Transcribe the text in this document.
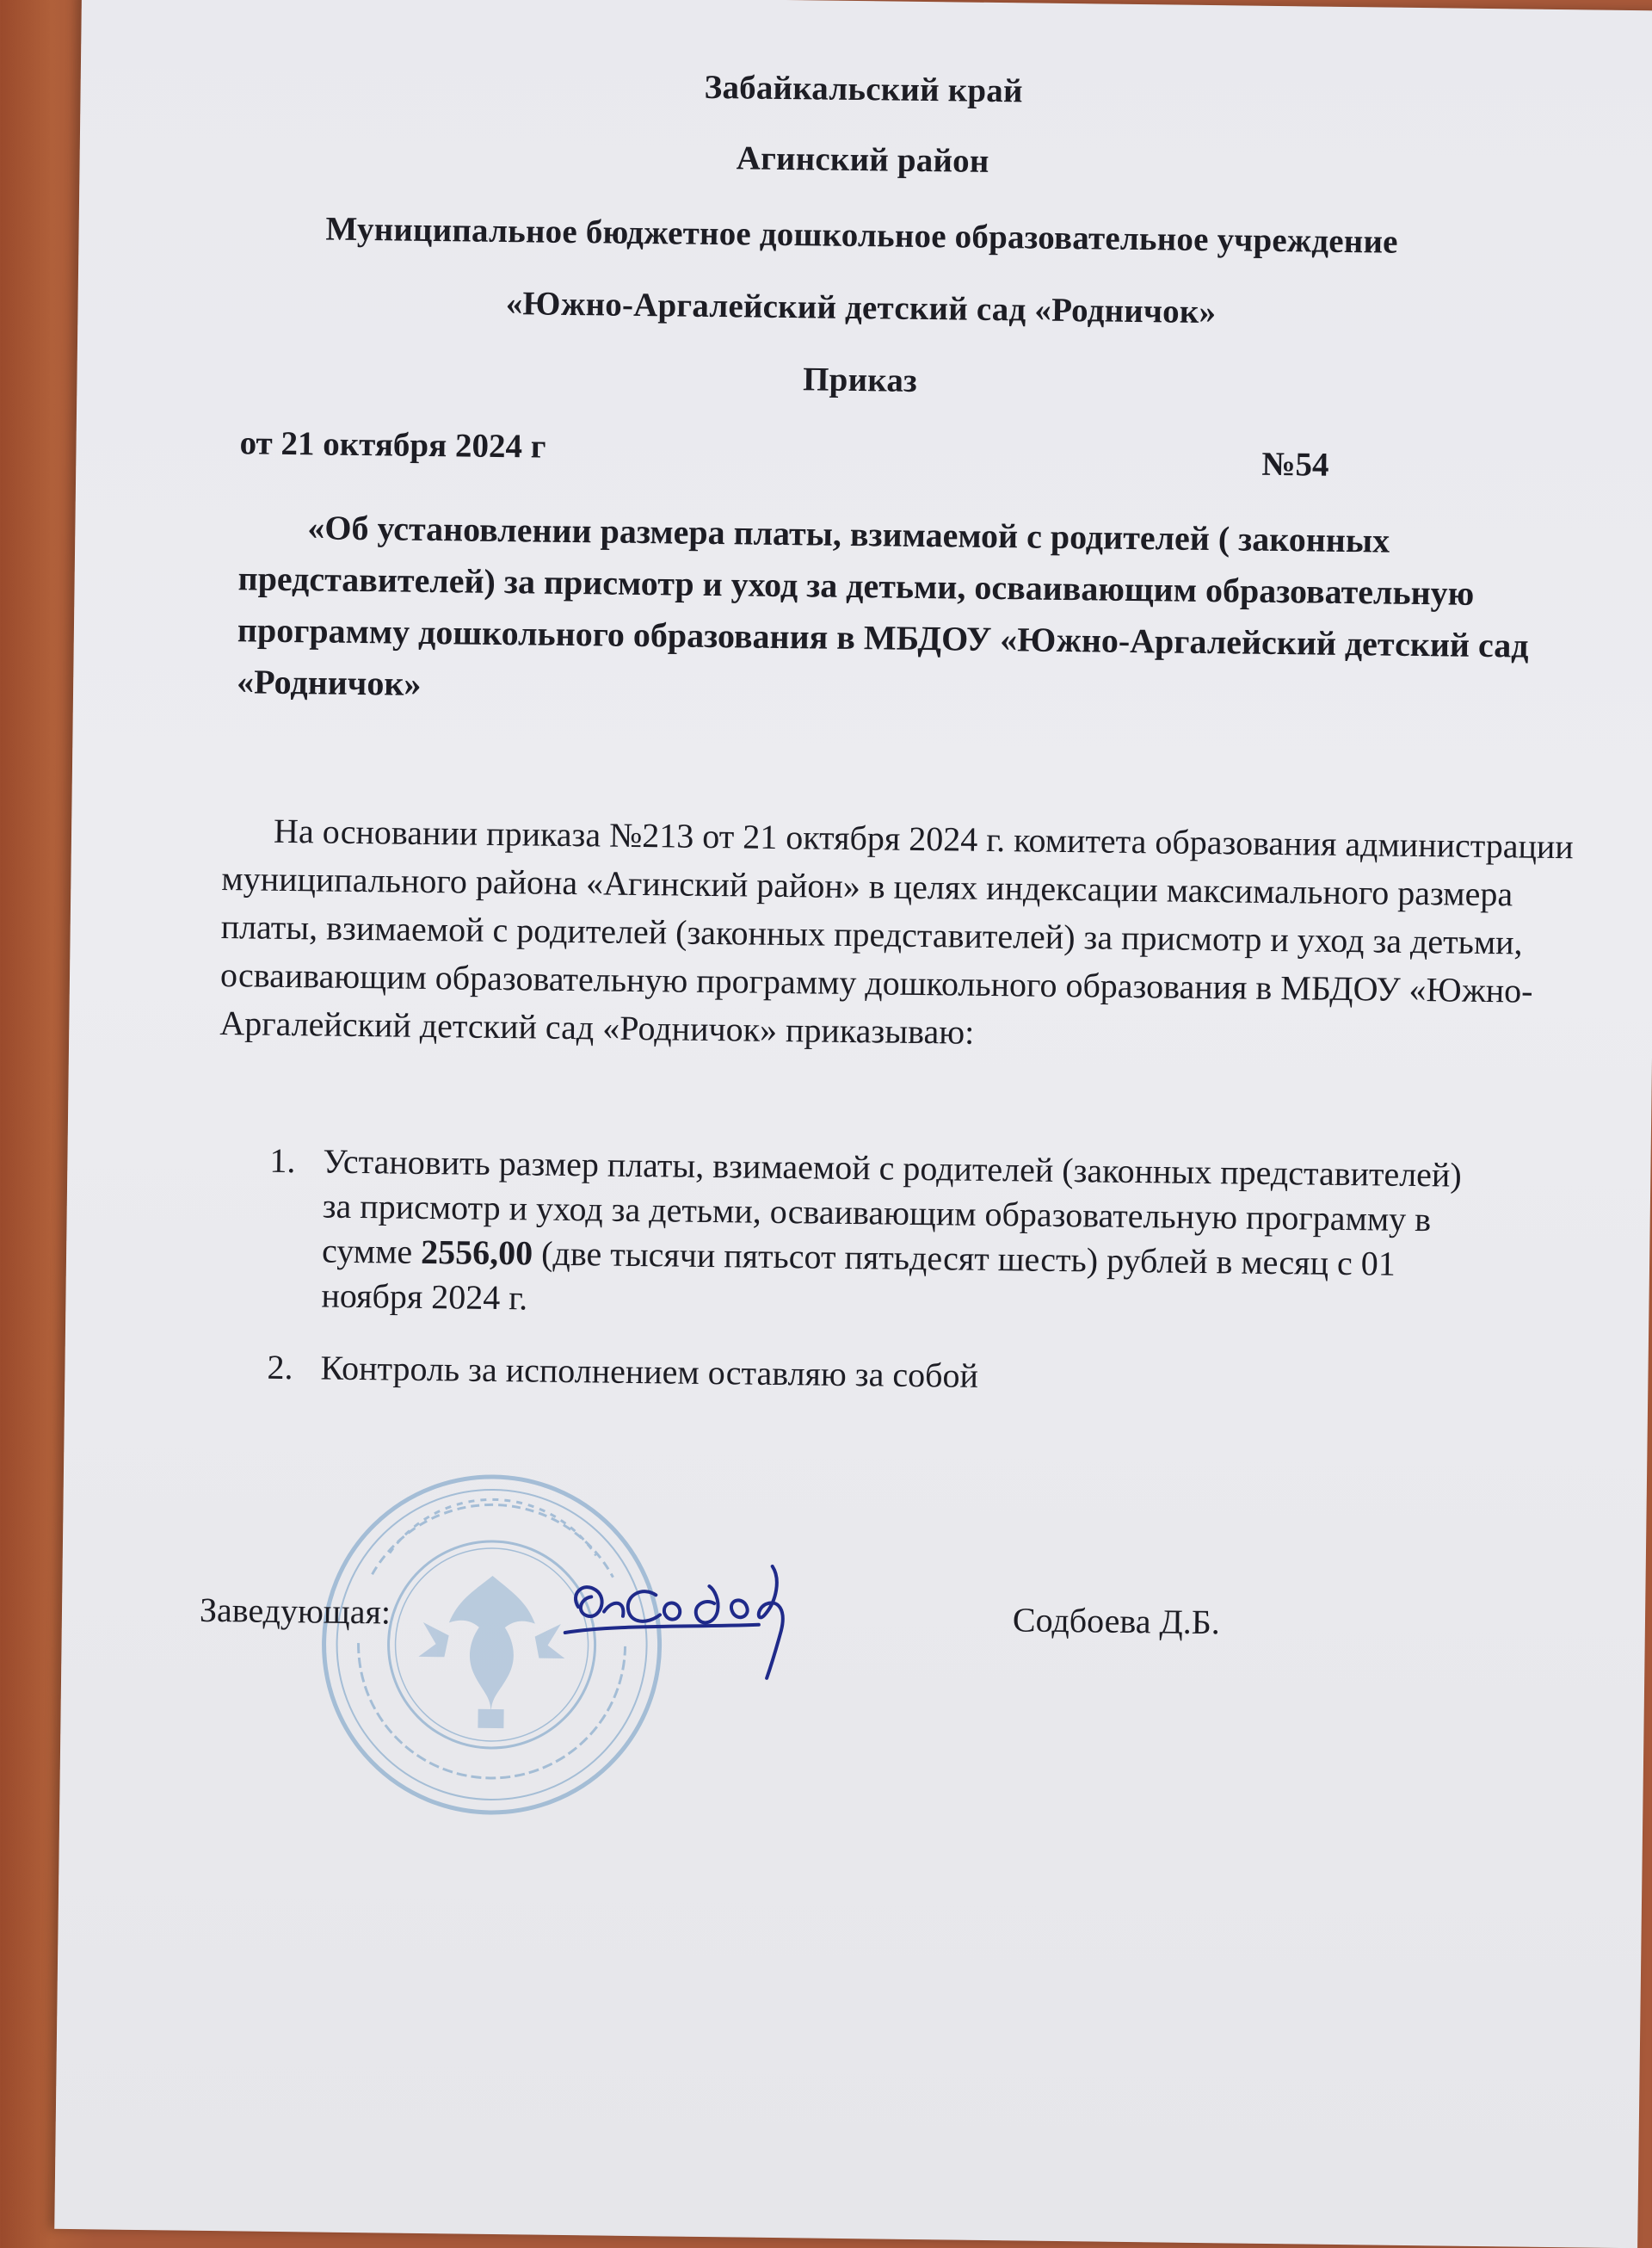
Забайкальский край
Агинский район
Муниципальное бюджетное дошкольное образовательное учреждение
«Южно-Аргалейский детский сад «Родничок»
Приказ
от 21 октября 2024 г	№54
«Об установлении размера платы, взимаемой с родителей ( законных представителей) за присмотр и уход за детьми, осваивающим образовательную программу дошкольного образования в МБДОУ «Южно-Аргалейский детский сад «Родничок»
На основании приказа №213 от 21 октября 2024 г. комитета образования администрации муниципального района «Агинский район» в целях индексации максимального размера платы, взимаемой с родителей (законных представителей) за присмотр и уход за детьми, осваивающим образовательную программу дошкольного образования в МБДОУ «Южно-Аргалейский детский сад «Родничок» приказываю:
1. Установить размер платы, взимаемой с родителей (законных представителей) за присмотр и уход за детьми, осваивающим образовательную программу в сумме 2556,00 (две тысячи пятьсот пятьдесят шесть) рублей в месяц с 01 ноября 2024 г.
2. Контроль за исполнением оставляю за собой
Заведующая:	Содбоева Д.Б.
